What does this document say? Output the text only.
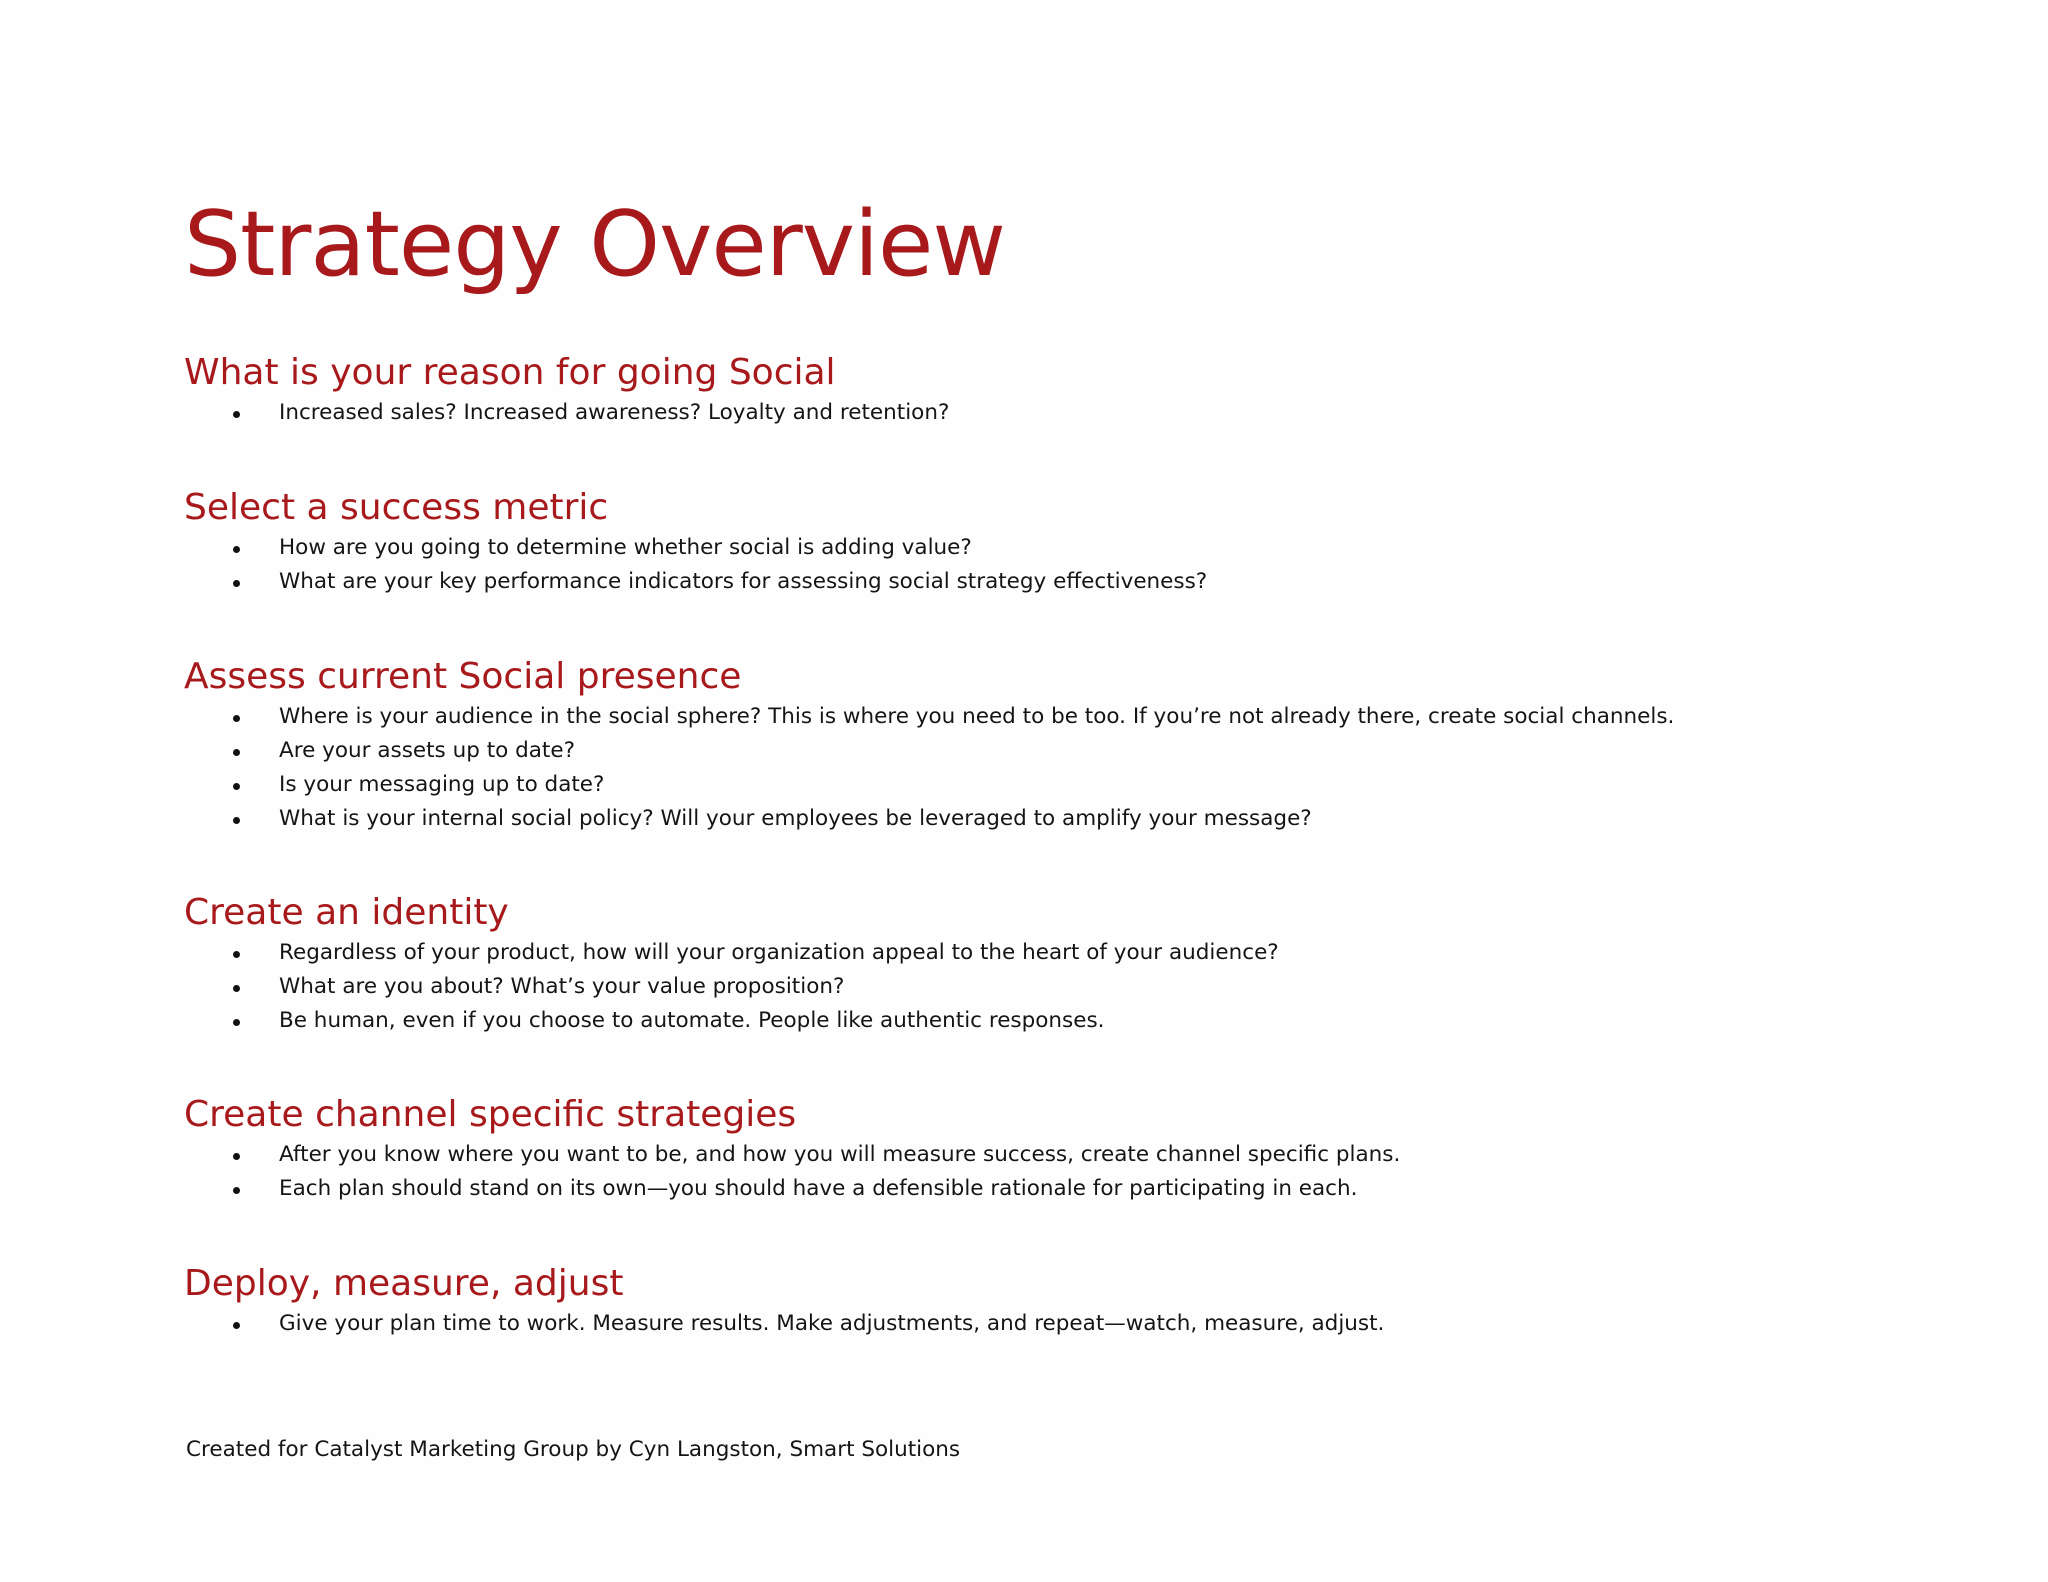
Strategy Overview
What is your reason for going Social
Increased sales? Increased awareness? Loyalty and retention?
Select a success metric
How are you going to determine whether social is adding value?
What are your key performance indicators for assessing social strategy effectiveness?
Assess current Social presence
Where is your audience in the social sphere? This is where you need to be too. If you’re not already there, create social channels.
Are your assets up to date?
Is your messaging up to date?
What is your internal social policy? Will your employees be leveraged to amplify your message?
Create an identity
Regardless of your product, how will your organization appeal to the heart of your audience?
What are you about? What’s your value proposition?
Be human, even if you choose to automate. People like authentic responses.
Create channel specific strategies
After you know where you want to be, and how you will measure success, create channel specific plans.
Each plan should stand on its own—you should have a defensible rationale for participating in each.
Deploy, measure, adjust
Give your plan time to work. Measure results. Make adjustments, and repeat—watch, measure, adjust.
Created for Catalyst Marketing Group by Cyn Langston, Smart Solutions
